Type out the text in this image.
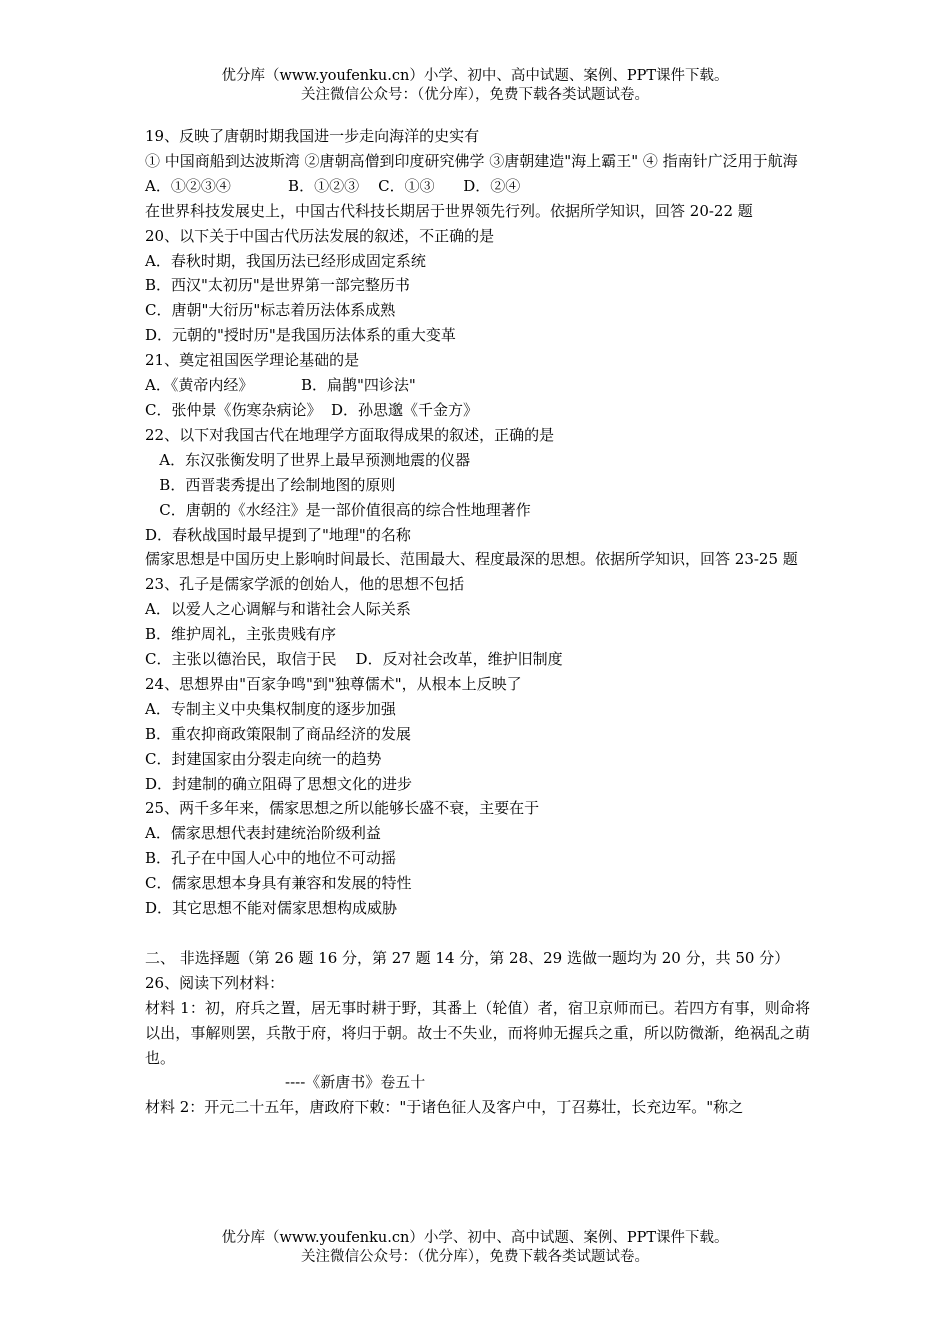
优分库（www.youfenku.cn）小学、初中、高中试题、案例、PPT课件下载。
关注微信公众号：（优分库），免费下载各类试题试卷。
19、反映了唐朝时期我国进一步走向海洋的史实有
① 中国商船到达波斯湾 ②唐朝高僧到印度研究佛学 ③唐朝建造"海上霸王" ④ 指南针广泛用于航海
A．①②③④            B．①②③    C．①③      D．②④
在世界科技发展史上，中国古代科技长期居于世界领先行列。依据所学知识，回答 20-22 题
20、以下关于中国古代历法发展的叙述，不正确的是
A．春秋时期，我国历法已经形成固定系统
B．西汉"太初历"是世界第一部完整历书
C．唐朝"大衍历"标志着历法体系成熟
D．元朝的"授时历"是我国历法体系的重大变革
21、奠定祖国医学理论基础的是
A．《黄帝内经》          B．扁鹊"四诊法"
C．张仲景《伤寒杂病论》  D．孙思邈《千金方》
22、以下对我国古代在地理学方面取得成果的叙述，正确的是
A．东汉张衡发明了世界上最早预测地震的仪器
B．西晋裴秀提出了绘制地图的原则
C．唐朝的《水经注》是一部价值很高的综合性地理著作
D．春秋战国时最早提到了"地理"的名称
儒家思想是中国历史上影响时间最长、范围最大、程度最深的思想。依据所学知识，回答 23-25 题
23、孔子是儒家学派的创始人，他的思想不包括
A．以爱人之心调解与和谐社会人际关系
B．维护周礼，主张贵贱有序
C．主张以德治民，取信于民    D．反对社会改革，维护旧制度
24、思想界由"百家争鸣"到"独尊儒术"，从根本上反映了
A．专制主义中央集权制度的逐步加强
B．重农抑商政策限制了商品经济的发展
C．封建国家由分裂走向统一的趋势
D．封建制的确立阻碍了思想文化的进步
25、两千多年来，儒家思想之所以能够长盛不衰，主要在于
A．儒家思想代表封建统治阶级利益
B．孔子在中国人心中的地位不可动摇
C．儒家思想本身具有兼容和发展的特性
D．其它思想不能对儒家思想构成威胁
二、 非选择题（第 26 题 16 分，第 27 题 14 分，第 28、29 选做一题均为 20 分，共 50 分）
26、阅读下列材料：
材料 1：初，府兵之置，居无事时耕于野，其番上（轮值）者，宿卫京师而已。若四方有事，则命将以出，事解则罢，兵散于府，将归于朝。故士不失业，而将帅无握兵之重，所以防微渐，绝祸乱之萌也。
----《新唐书》卷五十
材料 2：开元二十五年，唐政府下敕："于诸色征人及客户中，丁召募壮，长充边军。"称之
优分库（www.youfenku.cn）小学、初中、高中试题、案例、PPT课件下载。
关注微信公众号：（优分库），免费下载各类试题试卷。
